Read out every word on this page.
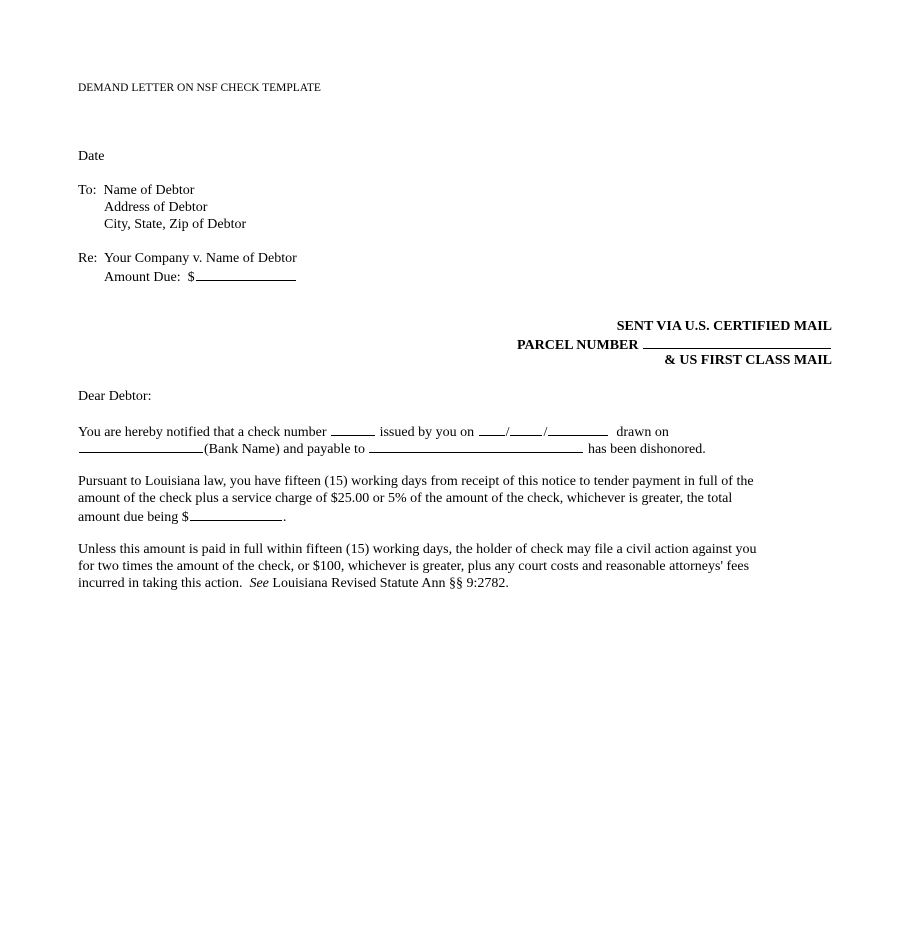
DEMAND LETTER ON NSF CHECK TEMPLATE
Date
To: Name of Debtor
Address of Debtor
City, State, Zip of Debtor
Re: Your Company v. Name of Debtor
Amount Due: $
SENT VIA U.S. CERTIFIED MAIL
PARCEL NUMBER
& US FIRST CLASS MAIL
Dear Debtor:
You are hereby notified that a check number	issued by you on / /	drawn on
(Bank Name) and payable to	has been dishonored.
Pursuant to Louisiana law, you have fifteen (15) working days from receipt of this notice to tender payment in full of the
amount of the check plus a service charge of $25.00 or 5% of the amount of the check, whichever is greater, the total
amount due being $	.
Unless this amount is paid in full within fifteen (15) working days, the holder of check may file a civil action against you
for two times the amount of the check, or $100, whichever is greater, plus any court costs and reasonable attorneys' fees
incurred in taking this action. See Louisiana Revised Statute Ann §§ 9:2782.
